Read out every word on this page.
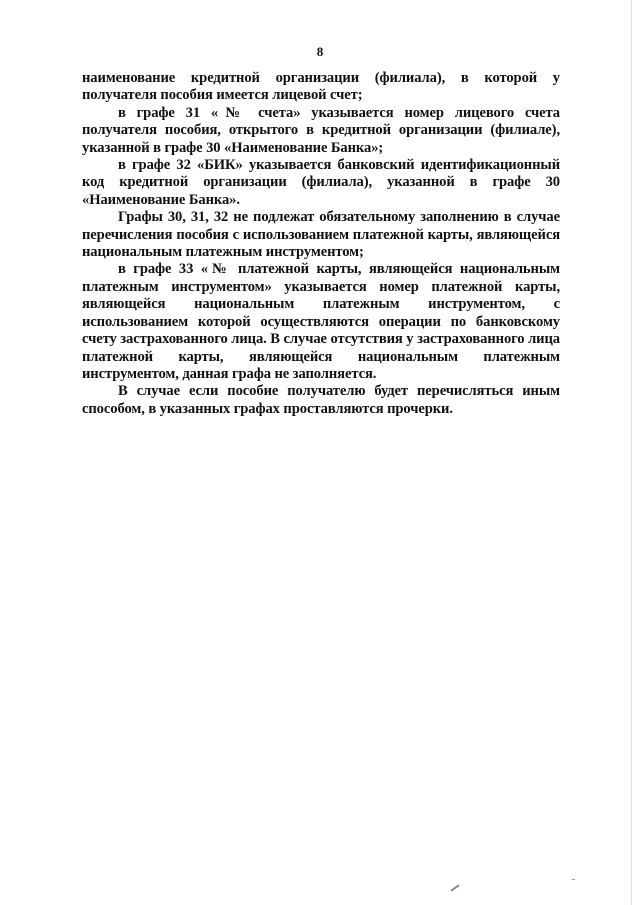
8

наименование кредитной организации (филиала), в которой у получателя пособия имеется лицевой счет;

в графе 31 «№ счета» указывается номер лицевого счета получателя пособия, открытого в кредитной организации (филиале), указанной в графе 30 «Наименование Банка»;

в графе 32 «БИК» указывается банковский идентификационный код кредитной организации (филиала), указанной в графе 30 «Наименование Банка».

Графы 30, 31, 32 не подлежат обязательному заполнению в случае перечисления пособия с использованием платежной карты, являющейся национальным платежным инструментом;

в графе 33 «№ платежной карты, являющейся национальным платежным инструментом» указывается номер платежной карты, являющейся национальным платежным инструментом, с использованием которой осуществляются операции по банковскому счету застрахованного лица. В случае отсутствия у застрахованного лица платежной карты, являющейся национальным платежным инструментом, данная графа не заполняется.

В случае если пособие получателю будет перечисляться иным способом, в указанных графах проставляются прочерки.
